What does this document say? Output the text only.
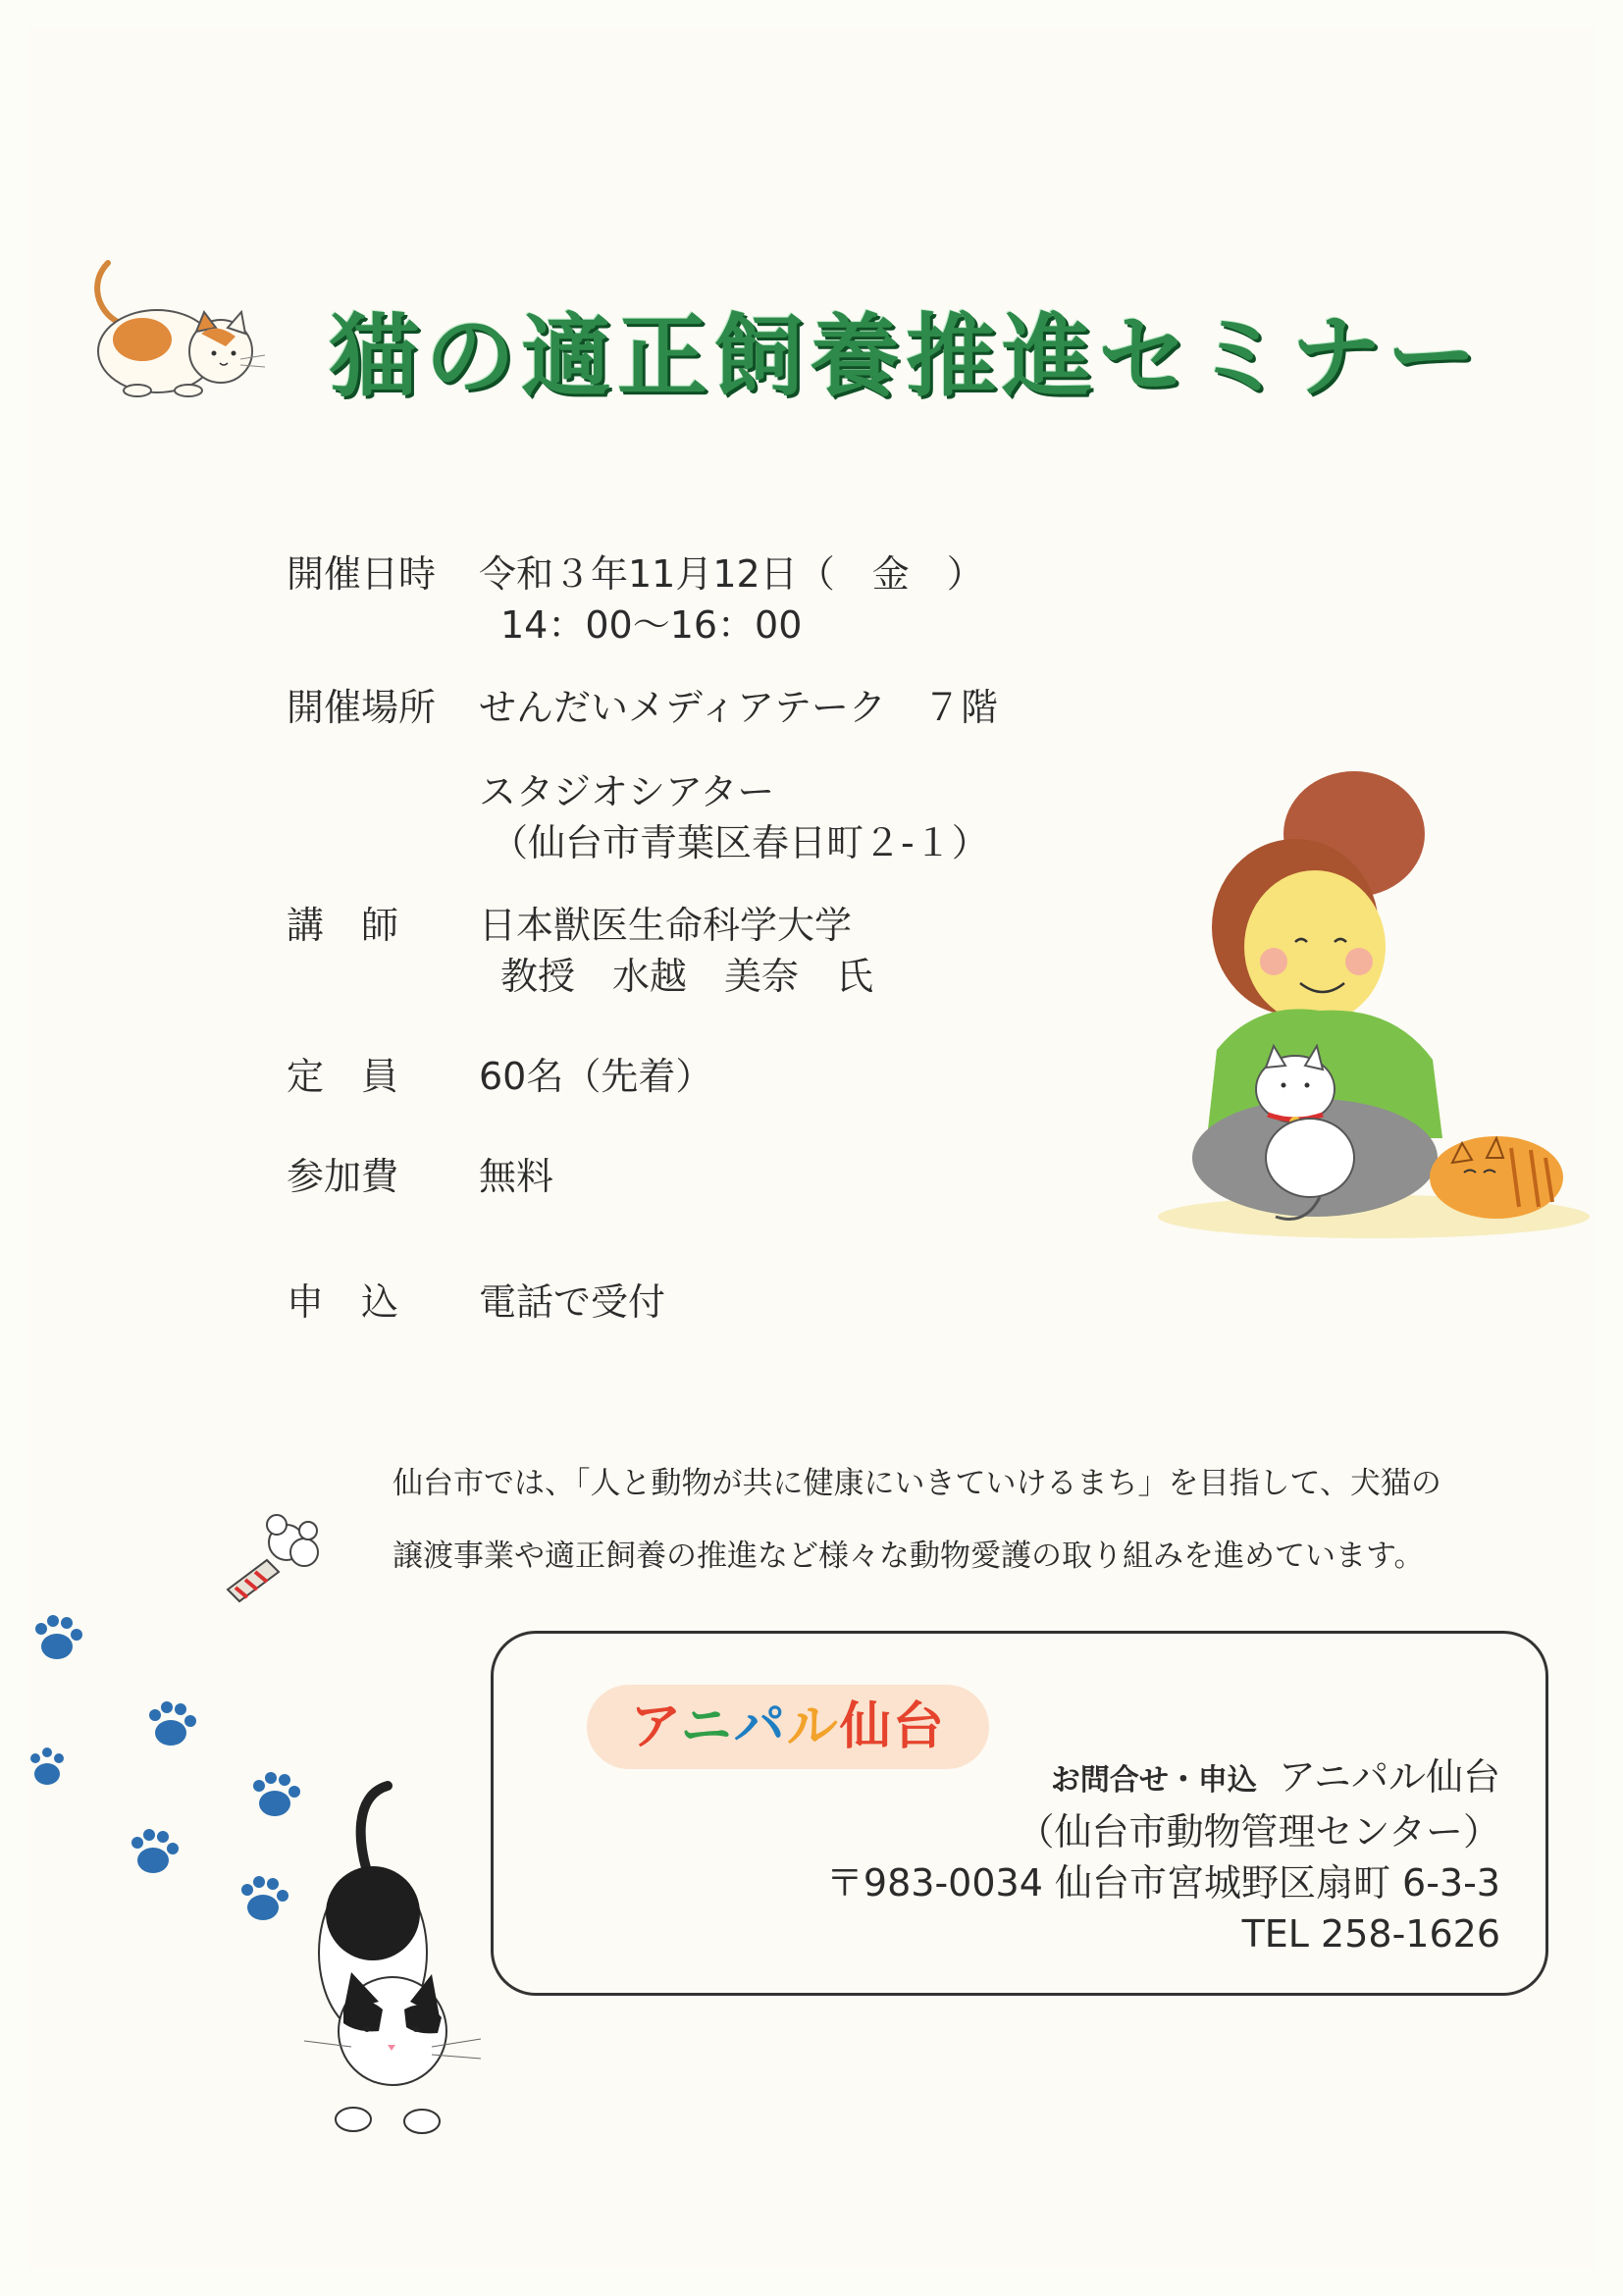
猫の適正飼養推進セミナー
開催日時	令和３年11月12日（　金　）
14：00〜16：00
開催場所	せんだいメディアテーク　７階
スタジオシアター
（仙台市青葉区春日町２-１）
講　師	日本獣医生命科学大学
教授　水越　美奈　氏
定　員	60名（先着）
参加費	無料
申　込	電話で受付
仙台市では、「人と動物が共に健康にいきていけるまち」を目指して、犬猫の
譲渡事業や適正飼養の推進など様々な動物愛護の取り組みを進めています。
アニパル仙台
お問合せ・申込 アニパル仙台
（仙台市動物管理センター）
〒983-0034 仙台市宮城野区扇町 6-3-3
TEL 258-1626
